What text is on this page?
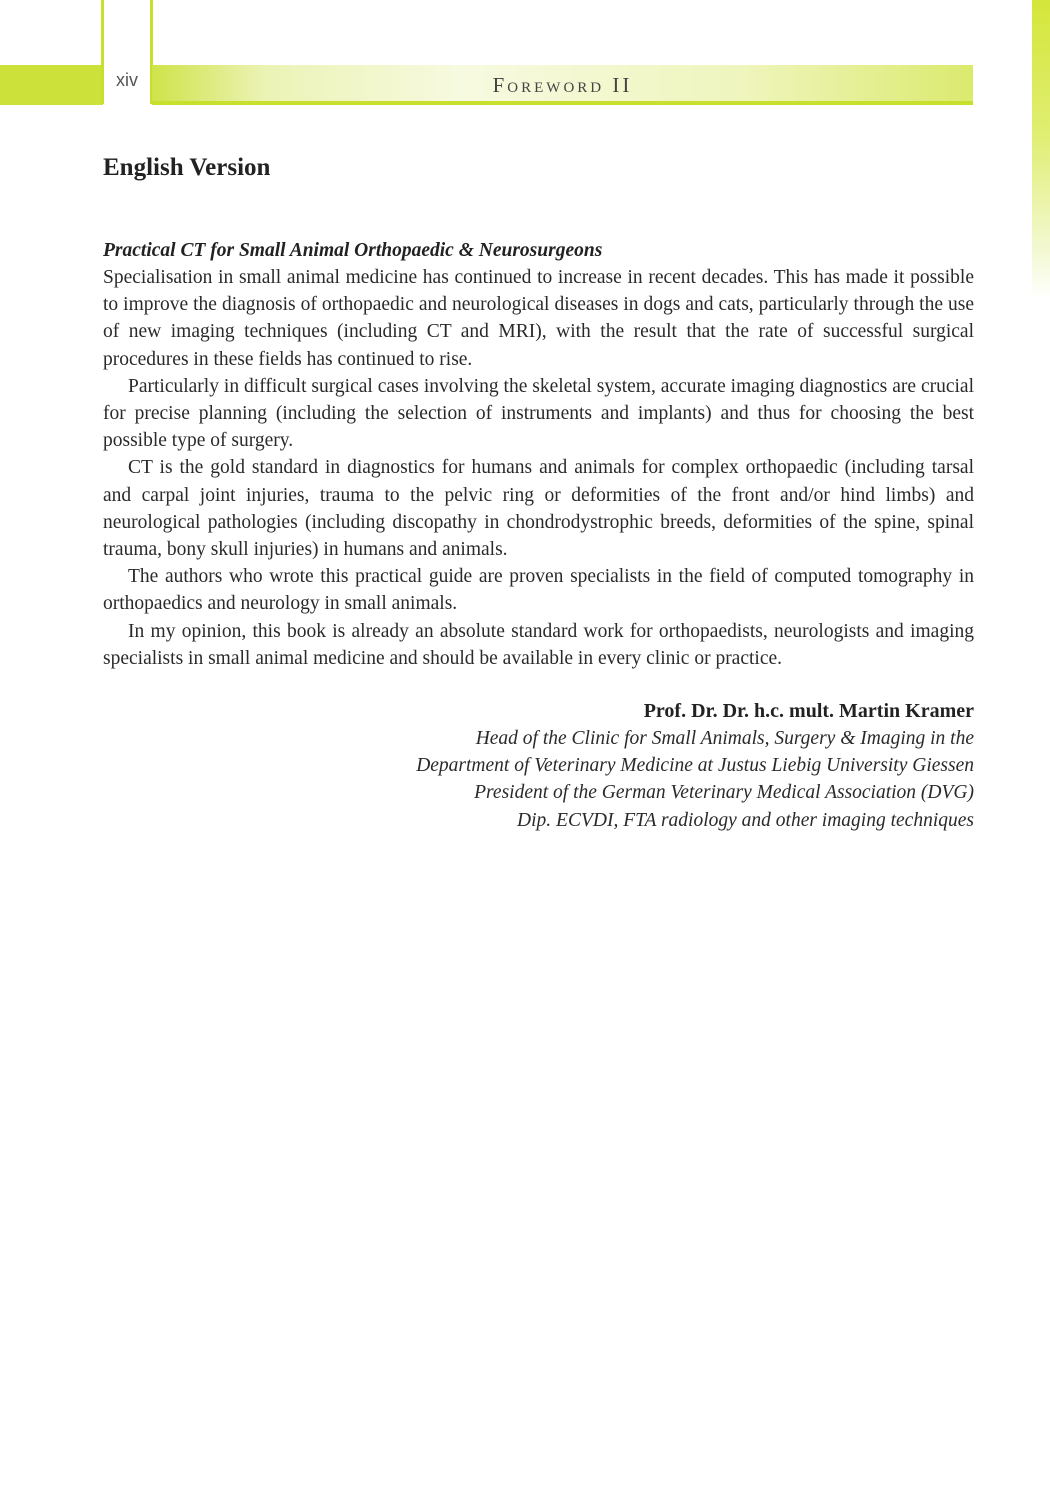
xiv	Foreword II
English Version
Practical CT for Small Animal Orthopaedic & Neurosurgeons

Specialisation in small animal medicine has continued to increase in recent decades. This has made it possible to improve the diagnosis of orthopaedic and neurological diseases in dogs and cats, particularly through the use of new imaging techniques (including CT and MRI), with the result that the rate of successful surgical procedures in these fields has continued to rise.

Particularly in difficult surgical cases involving the skeletal system, accurate imaging diagnostics are crucial for precise planning (including the selection of instruments and implants) and thus for choosing the best possible type of surgery.

CT is the gold standard in diagnostics for humans and animals for complex orthopaedic (including tarsal and carpal joint injuries, trauma to the pelvic ring or deformities of the front and/or hind limbs) and neurological pathologies (including discopathy in chondrodystrophic breeds, deformities of the spine, spinal trauma, bony skull injuries) in humans and animals.

The authors who wrote this practical guide are proven specialists in the field of computed tomography in orthopaedics and neurology in small animals.

In my opinion, this book is already an absolute standard work for orthopaedists, neurologists and imaging specialists in small animal medicine and should be available in every clinic or practice.

Prof. Dr. Dr. h.c. mult. Martin Kramer
Head of the Clinic for Small Animals, Surgery & Imaging in the
Department of Veterinary Medicine at Justus Liebig University Giessen
President of the German Veterinary Medical Association (DVG)
Dip. ECVDI, FTA radiology and other imaging techniques
